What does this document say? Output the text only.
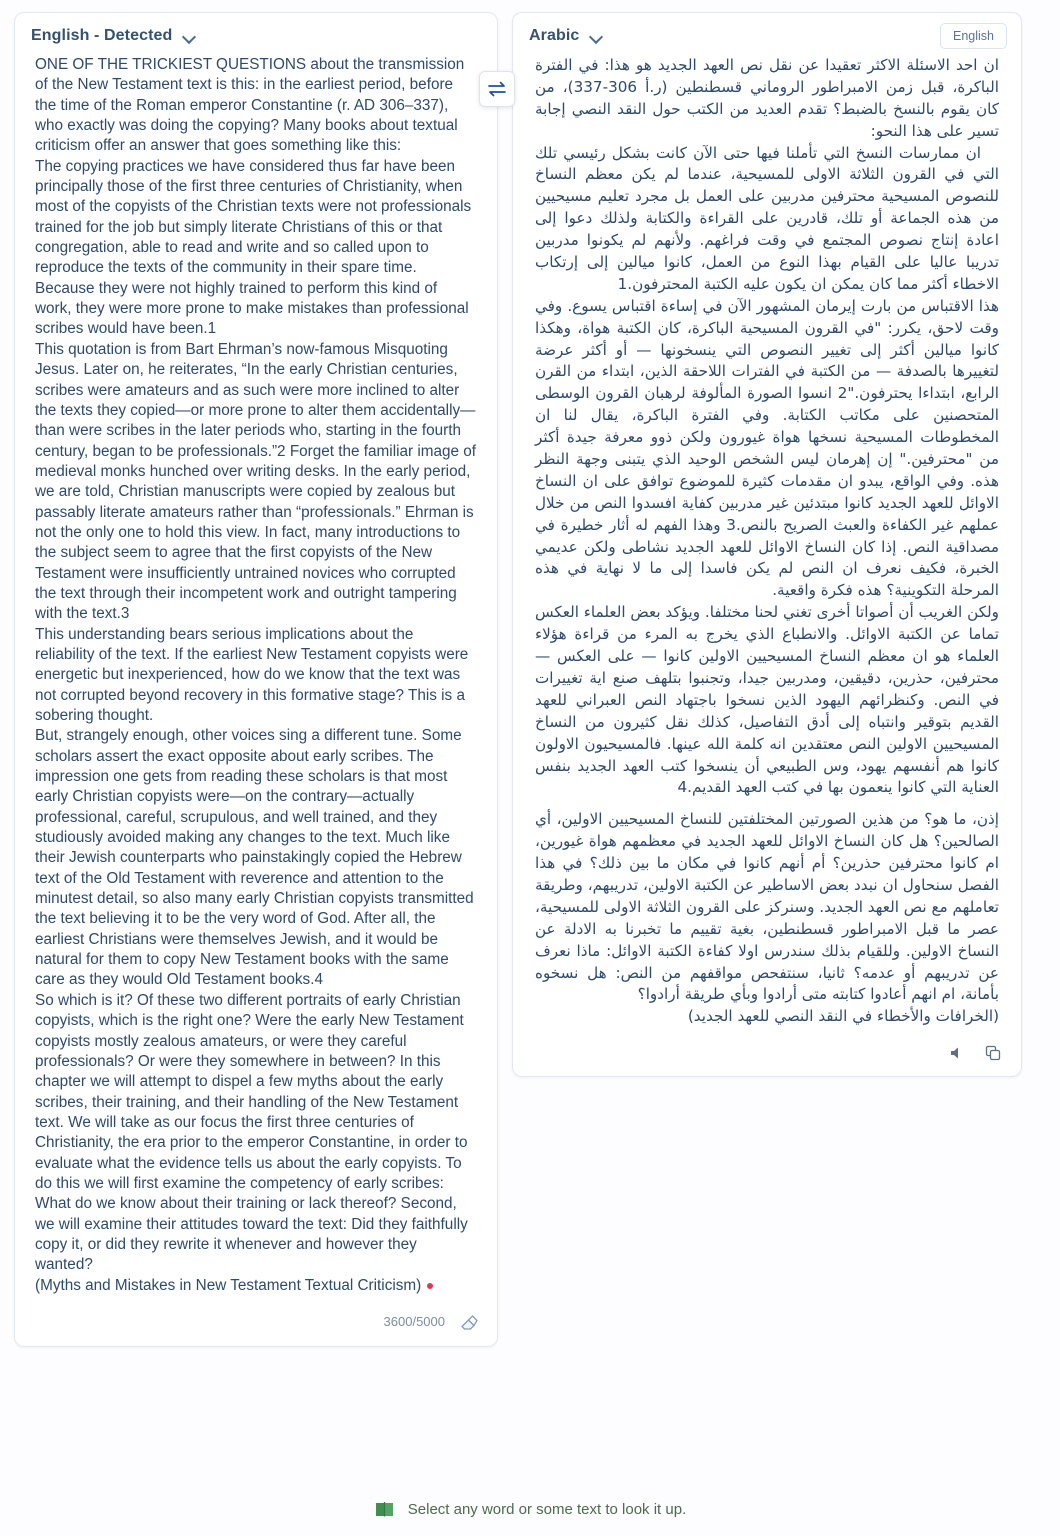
English - Detected

ONE OF THE TRICKIEST QUESTIONS about the transmission of the New Testament text is this: in the earliest period, before the time of the Roman emperor Constantine (r. AD 306–337), who exactly was doing the copying? Many books about textual criticism offer an answer that goes something like this:

The copying practices we have considered thus far have been principally those of the first three centuries of Christianity, when most of the copyists of the Christian texts were not professionals trained for the job but simply literate Christians of this or that congregation, able to read and write and so called upon to reproduce the texts of the community in their spare time. Because they were not highly trained to perform this kind of work, they were more prone to make mistakes than professional scribes would have been.1

This quotation is from Bart Ehrman’s now-famous Misquoting Jesus. Later on, he reiterates, “In the early Christian centuries, scribes were amateurs and as such were more inclined to alter the texts they copied—or more prone to alter them accidentally—than were scribes in the later periods who, starting in the fourth century, began to be professionals.”2 Forget the familiar image of medieval monks hunched over writing desks. In the early period, we are told, Christian manuscripts were copied by zealous but passably literate amateurs rather than “professionals.” Ehrman is not the only one to hold this view. In fact, many introductions to the subject seem to agree that the first copyists of the New Testament were insufficiently untrained novices who corrupted the text through their incompetent work and outright tampering with the text.3

This understanding bears serious implications about the reliability of the text. If the earliest New Testament copyists were energetic but inexperienced, how do we know that the text was not corrupted beyond recovery in this formative stage? This is a sobering thought.

But, strangely enough, other voices sing a different tune. Some scholars assert the exact opposite about early scribes. The impression one gets from reading these scholars is that most early Christian copyists were—on the contrary—actually professional, careful, scrupulous, and well trained, and they studiously avoided making any changes to the text. Much like their Jewish counterparts who painstakingly copied the Hebrew text of the Old Testament with reverence and attention to the minutest detail, so also many early Christian copyists transmitted the text believing it to be the very word of God. After all, the earliest Christians were themselves Jewish, and it would be natural for them to copy New Testament books with the same care as they would Old Testament books.4

So which is it? Of these two different portraits of early Christian copyists, which is the right one? Were the early New Testament copyists mostly zealous amateurs, or were they careful professionals? Or were they somewhere in between? In this chapter we will attempt to dispel a few myths about the early scribes, their training, and their handling of the New Testament text. We will take as our focus the first three centuries of Christianity, the era prior to the emperor Constantine, in order to evaluate what the evidence tells us about the early copyists. To do this we will first examine the competency of early scribes: What do we know about their training or lack thereof? Second, we will examine their attitudes toward the text: Did they faithfully copy it, or did they rewrite it whenever and however they wanted?

(Myths and Mistakes in New Testament Textual Criticism)

3600/5000
Arabic	English

ان احد الاسئلة الاكثر تعقيدا عن نقل نص العهد الجديد هو هذا: في الفترة الباكرة، قبل زمن الامبراطور الروماني قسطنطين (ر.أ 306-337)، من كان يقوم بالنسخ بالضبط؟ تقدم العديد من الكتب حول النقد النصي إجابة تسير على هذا النحو:

ان ممارسات النسخ التي تأملنا فيها حتى الآن كانت بشكل رئيسي تلك التي في القرون الثلاثة الاولى للمسيحية، عندما لم يكن معظم النساخ للنصوص المسيحية محترفين مدربين على العمل بل مجرد تعليم مسيحيين من هذه الجماعة أو تلك، قادرين على القراءة والكتابة ولذلك دعوا إلى اعادة إنتاج نصوص المجتمع في وقت فراغهم. ولأنهم لم يكونوا مدربين تدريبا عاليا على القيام بهذا النوع من العمل، كانوا ميالين إلى إرتكاب الاخطاء أكثر مما كان يمكن ان يكون عليه الكتبة المحترفون.1

هذا الاقتباس من بارت إيرمان المشهور الآن في إساءة اقتباس يسوع. وفي وقت لاحق، يكرر: "في القرون المسيحية الباكرة، كان الكتبة هواة، وهكذا كانوا ميالين أكثر إلى تغيير النصوص التي ينسخونها — أو أكثر عرضة لتغييرها بالصدفة — من الكتبة في الفترات اللاحقة الذين، ابتداء من القرن الرابع، ابتداءا يحترفون."2 انسوا الصورة المألوفة لرهبان القرون الوسطى المتحصنين على مكاتب الكتابة. وفي الفترة الباكرة، يقال لنا ان المخطوطات المسيحية نسخها هواة غيورون ولكن ذوو معرفة جيدة أكثر من "محترفين." إن إهرمان ليس الشخص الوحيد الذي يتبنى وجهة النظر هذه. وفي الواقع، يبدو ان مقدمات كثيرة للموضوع توافق على ان النساخ الاوائل للعهد الجديد كانوا مبتدئين غير مدربين كفاية افسدوا النص من خلال عملهم غير الكفاءة والعبث الصريح بالنص.3 وهذا الفهم له أثار خطيرة في مصداقية النص. إذا كان النساخ الاوائل للعهد الجديد نشاطى ولكن عديمي الخبرة، فكيف نعرف ان النص لم يكن فاسدا إلى ما لا نهاية في هذه المرحلة التكوينية؟ هذه فكرة واقعية.

ولكن الغريب أن أصواتا أخرى تغني لحنا مختلفا. ويؤكد بعض العلماء العكس تماما عن الكتبة الاوائل. والانطباع الذي يخرج به المرء من قراءة هؤلاء العلماء هو ان معظم النساخ المسيحيين الاولين كانوا — على العكس — محترفين، حذرين، دقيقين، ومدربين جيدا، وتجنبوا بتلهف صنع اية تغييرات في النص. وكنظرائهم اليهود الذين نسخوا باجتهاد النص العبراني للعهد القديم بتوقير وانتباه إلى أدق التفاصيل، كذلك نقل كثيرون من النساخ المسيحيين الاولين النص معتقدين انه كلمة الله عينها. فالمسيحيون الاولون كانوا هم أنفسهم يهود، وس الطبيعي أن ينسخوا كتب العهد الجديد بنفس العناية التي كانوا ينعمون بها في كتب العهد القديم.4

إذن، ما هو؟ من هذين الصورتين المختلفتين للنساخ المسيحيين الاولين، أي الصالحين؟ هل كان النساخ الاوائل للعهد الجديد في معظمهم هواة غيورين، ام كانوا محترفين حذرين؟ أم أنهم كانوا في مكان ما بين ذلك؟ في هذا الفصل سنحاول ان نبدد بعض الاساطير عن الكتبة الاولين، تدريبهم، وطريقة تعاملهم مع نص العهد الجديد. وسنركز على القرون الثلاثة الاولى للمسيحية، عصر ما قبل الامبراطور قسطنطين، بغية تقييم ما تخبرنا به الادلة عن النساخ الاولين. وللقيام بذلك سندرس اولا كفاءة الكتبة الاوائل: ماذا نعرف عن تدريبهم أو عدمه؟ ثانيا، سنتفحص مواقفهم من النص: هل نسخوه بأمانة، ام انهم أعادوا كتابته متى أرادوا وبأي طريقة أرادوا؟

(الخرافات والأخطاء في النقد النصي للعهد الجديد)

Select any word or some text to look it up.
